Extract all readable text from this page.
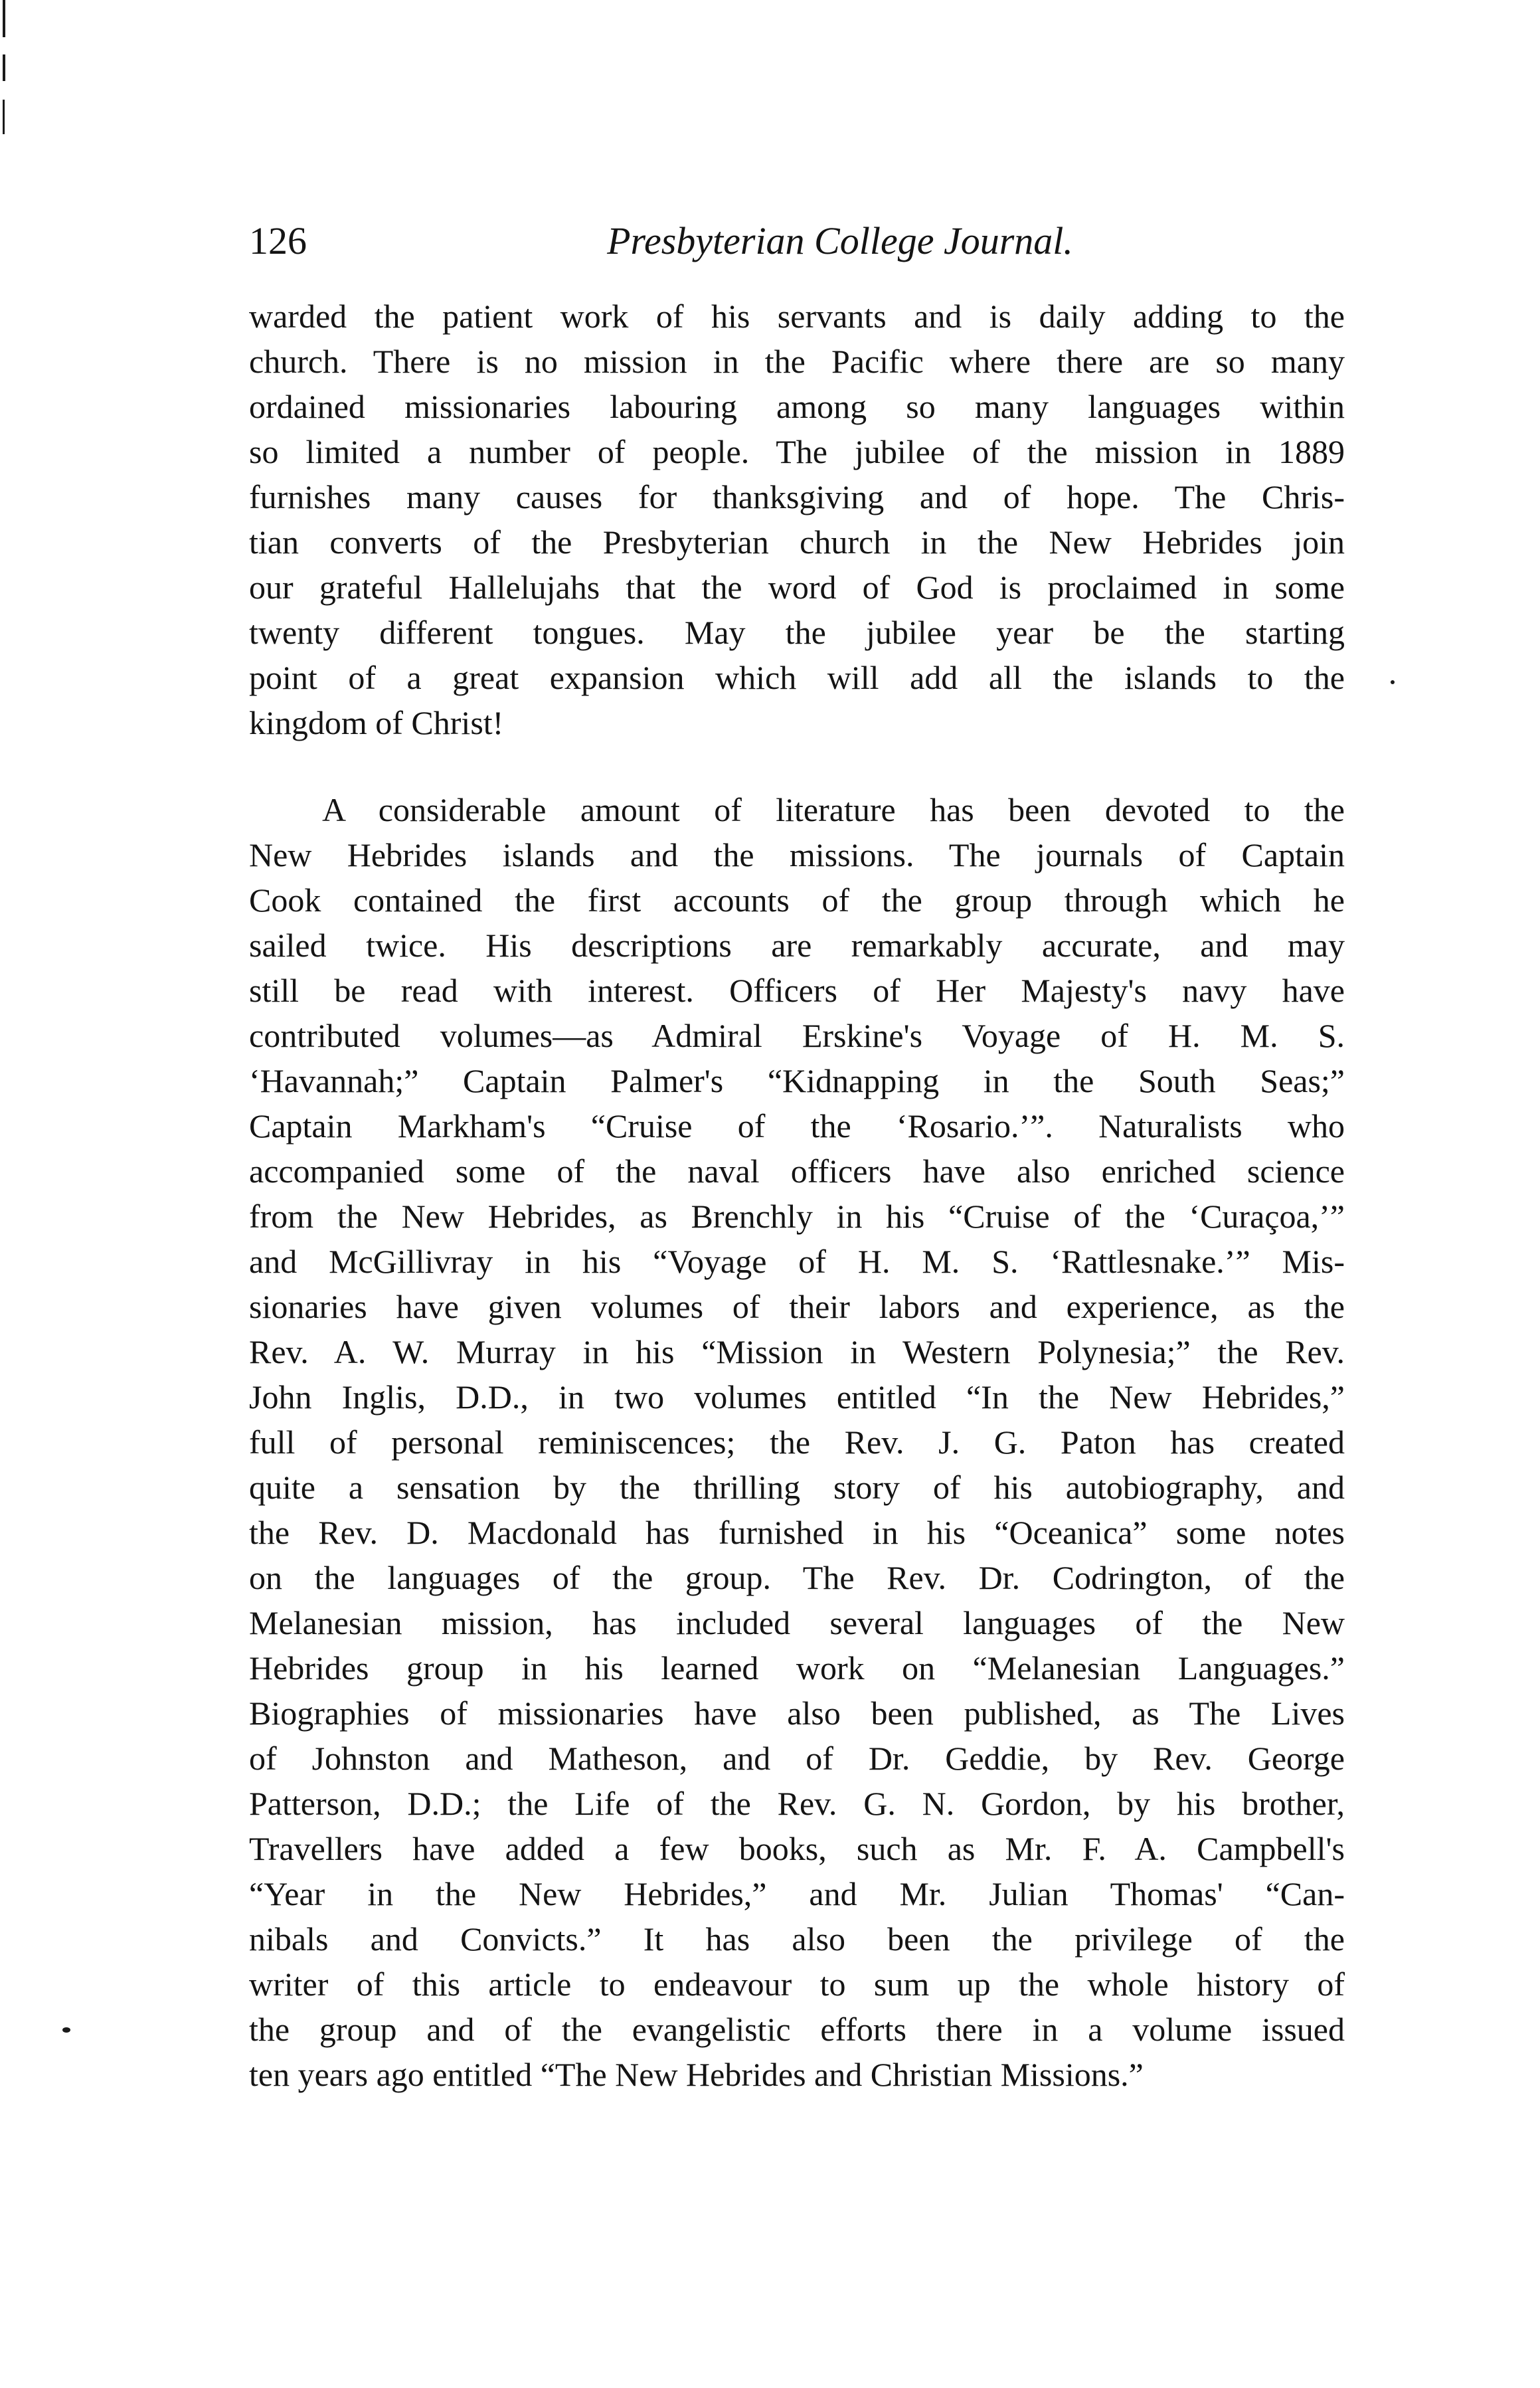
126	Presbyterian College Journal.
warded the patient work of his servants and is daily adding to the
church. There is no mission in the Pacific where there are so many
ordained missionaries labouring among so many languages within
so limited a number of people. The jubilee of the mission in 1889
furnishes many causes for thanksgiving and of hope. The Chris-
tian converts of the Presbyterian church in the New Hebrides join
our grateful Hallelujahs that the word of God is proclaimed in some
twenty different tongues. May the jubilee year be the starting
point of a great expansion which will add all the islands to the
kingdom of Christ!
A considerable amount of literature has been devoted to the
New Hebrides islands and the missions. The journals of Captain
Cook contained the first accounts of the group through which he
sailed twice. His descriptions are remarkably accurate, and may
still be read with interest. Officers of Her Majesty's navy have
contributed volumes—as Admiral Erskine's Voyage of H. M. S.
‘Havannah;” Captain Palmer's “Kidnapping in the South Seas;”
Captain Markham's “Cruise of the ‘Rosario.’”. Naturalists who
accompanied some of the naval officers have also enriched science
from the New Hebrides, as Brenchly in his “Cruise of the ‘Curaçoa,’”
and McGillivray in his “Voyage of H. M. S. ‘Rattlesnake.’” Mis-
sionaries have given volumes of their labors and experience, as the
Rev. A. W. Murray in his “Mission in Western Polynesia;” the Rev.
John Inglis, D.D., in two volumes entitled “In the New Hebrides,”
full of personal reminiscences; the Rev. J. G. Paton has created
quite a sensation by the thrilling story of his autobiography, and
the Rev. D. Macdonald has furnished in his “Oceanica” some notes
on the languages of the group. The Rev. Dr. Codrington, of the
Melanesian mission, has included several languages of the New
Hebrides group in his learned work on “Melanesian Languages.”
Biographies of missionaries have also been published, as The Lives
of Johnston and Matheson, and of Dr. Geddie, by Rev. George
Patterson, D.D.; the Life of the Rev. G. N. Gordon, by his brother,
Travellers have added a few books, such as Mr. F. A. Campbell's
“Year in the New Hebrides,” and Mr. Julian Thomas' “Can-
nibals and Convicts.” It has also been the privilege of the
writer of this article to endeavour to sum up the whole history of
the group and of the evangelistic efforts there in a volume issued
ten years ago entitled “The New Hebrides and Christian Missions.”
